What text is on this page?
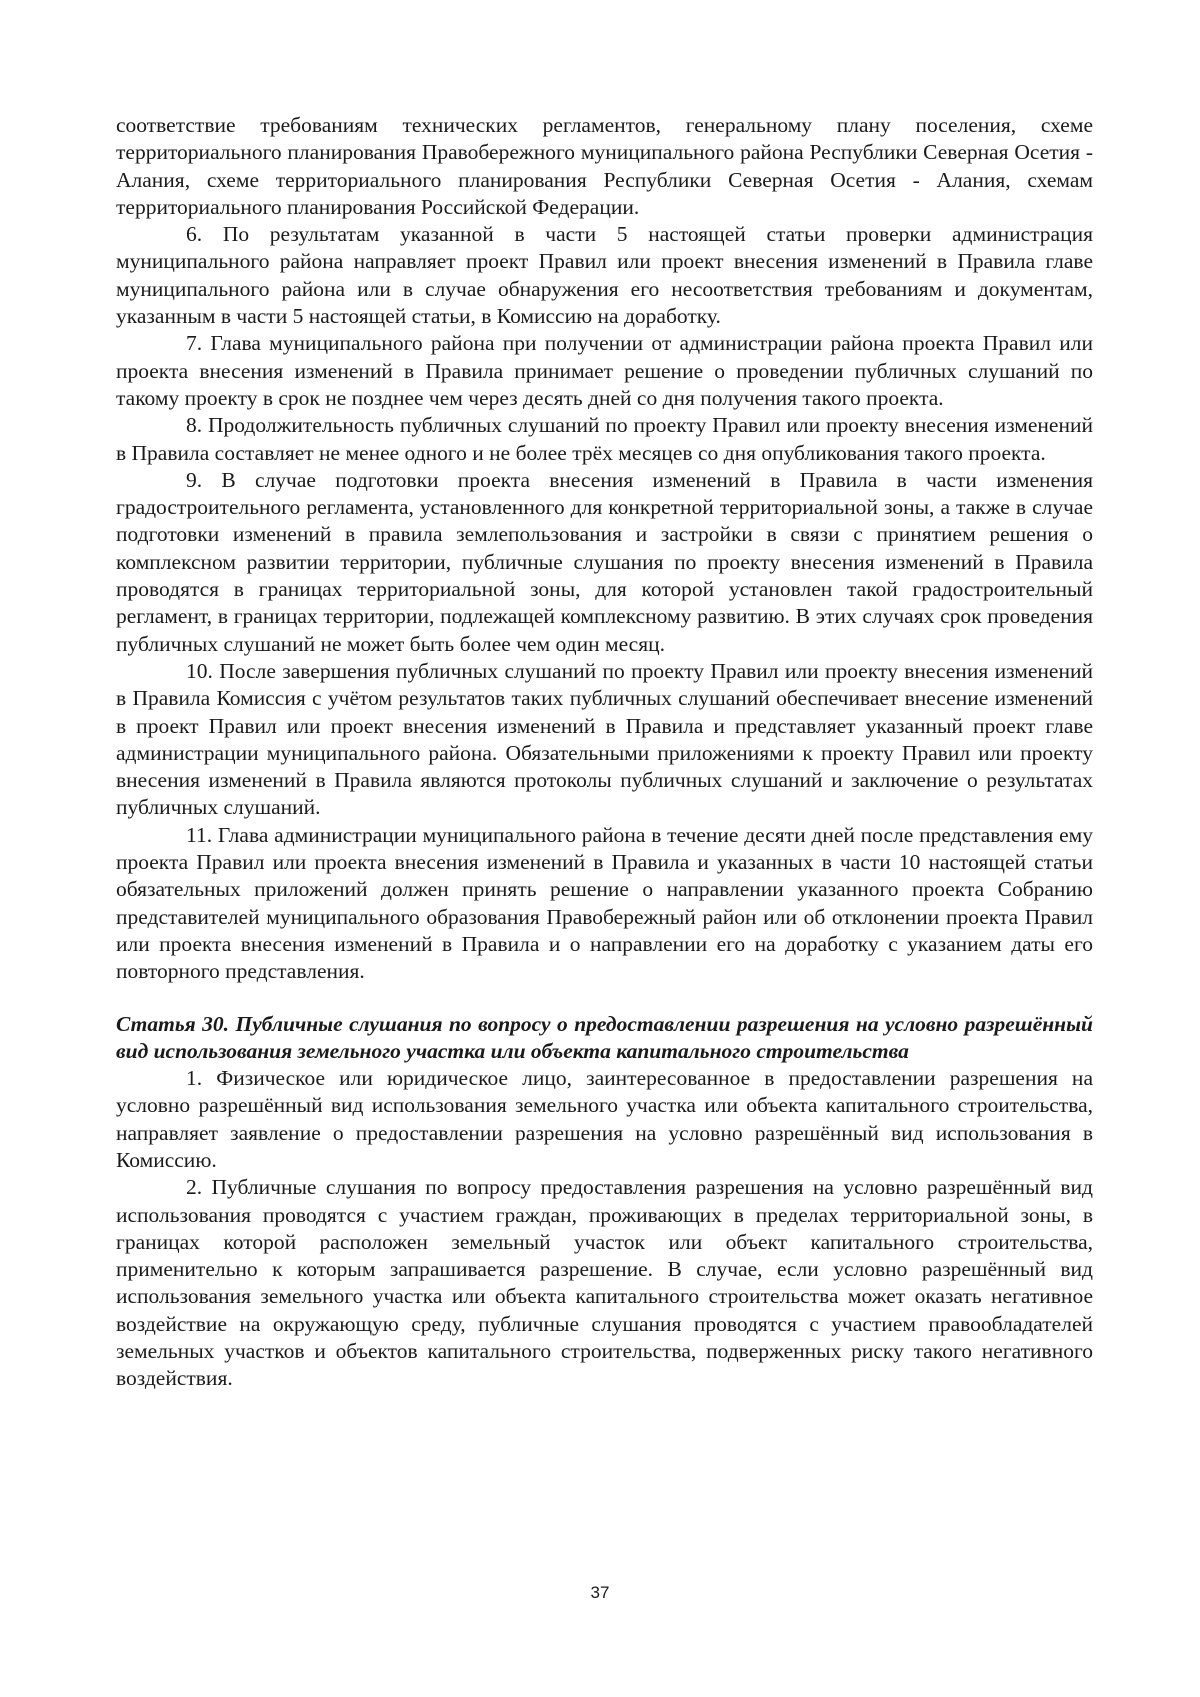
соответствие требованиям технических регламентов, генеральному плану поселения, схеме территориального планирования Правобережного муниципального района Республики Северная Осетия - Алания, схеме территориального планирования Республики Северная Осетия - Алания, схемам территориального планирования Российской Федерации.

6. По результатам указанной в части 5 настоящей статьи проверки администрация муниципального района направляет проект Правил или проект внесения изменений в Правила главе муниципального района или в случае обнаружения его несоответствия требованиям и документам, указанным в части 5 настоящей статьи, в Комиссию на доработку.

7. Глава муниципального района при получении от администрации района проекта Правил или проекта внесения изменений в Правила принимает решение о проведении публичных слушаний по такому проекту в срок не позднее чем через десять дней со дня получения такого проекта.

8. Продолжительность публичных слушаний по проекту Правил или проекту внесения изменений в Правила составляет не менее одного и не более трёх месяцев со дня опубликования такого проекта.

9. В случае подготовки проекта внесения изменений в Правила в части изменения градостроительного регламента, установленного для конкретной территориальной зоны, а также в случае подготовки изменений в правила землепользования и застройки в связи с принятием решения о комплексном развитии территории, публичные слушания по проекту внесения изменений в Правила проводятся в границах территориальной зоны, для которой установлен такой градостроительный регламент, в границах территории, подлежащей комплексному развитию. В этих случаях срок проведения публичных слушаний не может быть более чем один месяц.

10. После завершения публичных слушаний по проекту Правил или проекту внесения изменений в Правила Комиссия с учётом результатов таких публичных слушаний обеспечивает внесение изменений в проект Правил или проект внесения изменений в Правила и представляет указанный проект главе администрации муниципального района. Обязательными приложениями к проекту Правил или проекту внесения изменений в Правила являются протоколы публичных слушаний и заключение о результатах публичных слушаний.

11. Глава администрации муниципального района в течение десяти дней после представления ему проекта Правил или проекта внесения изменений в Правила и указанных в части 10 настоящей статьи обязательных приложений должен принять решение о направлении указанного проекта Собранию представителей муниципального образования Правобережный район или об отклонении проекта Правил или проекта внесения изменений в Правила и о направлении его на доработку с указанием даты его повторного представления.

Статья 30. Публичные слушания по вопросу о предоставлении разрешения на условно разрешённый вид использования земельного участка или объекта капитального строительства

1. Физическое или юридическое лицо, заинтересованное в предоставлении разрешения на условно разрешённый вид использования земельного участка или объекта капитального строительства, направляет заявление о предоставлении разрешения на условно разрешённый вид использования в Комиссию.

2. Публичные слушания по вопросу предоставления разрешения на условно разрешённый вид использования проводятся с участием граждан, проживающих в пределах территориальной зоны, в границах которой расположен земельный участок или объект капитального строительства, применительно к которым запрашивается разрешение. В случае, если условно разрешённый вид использования земельного участка или объекта капитального строительства может оказать негативное воздействие на окружающую среду, публичные слушания проводятся с участием правообладателей земельных участков и объектов капитального строительства, подверженных риску такого негативного воздействия.

37
